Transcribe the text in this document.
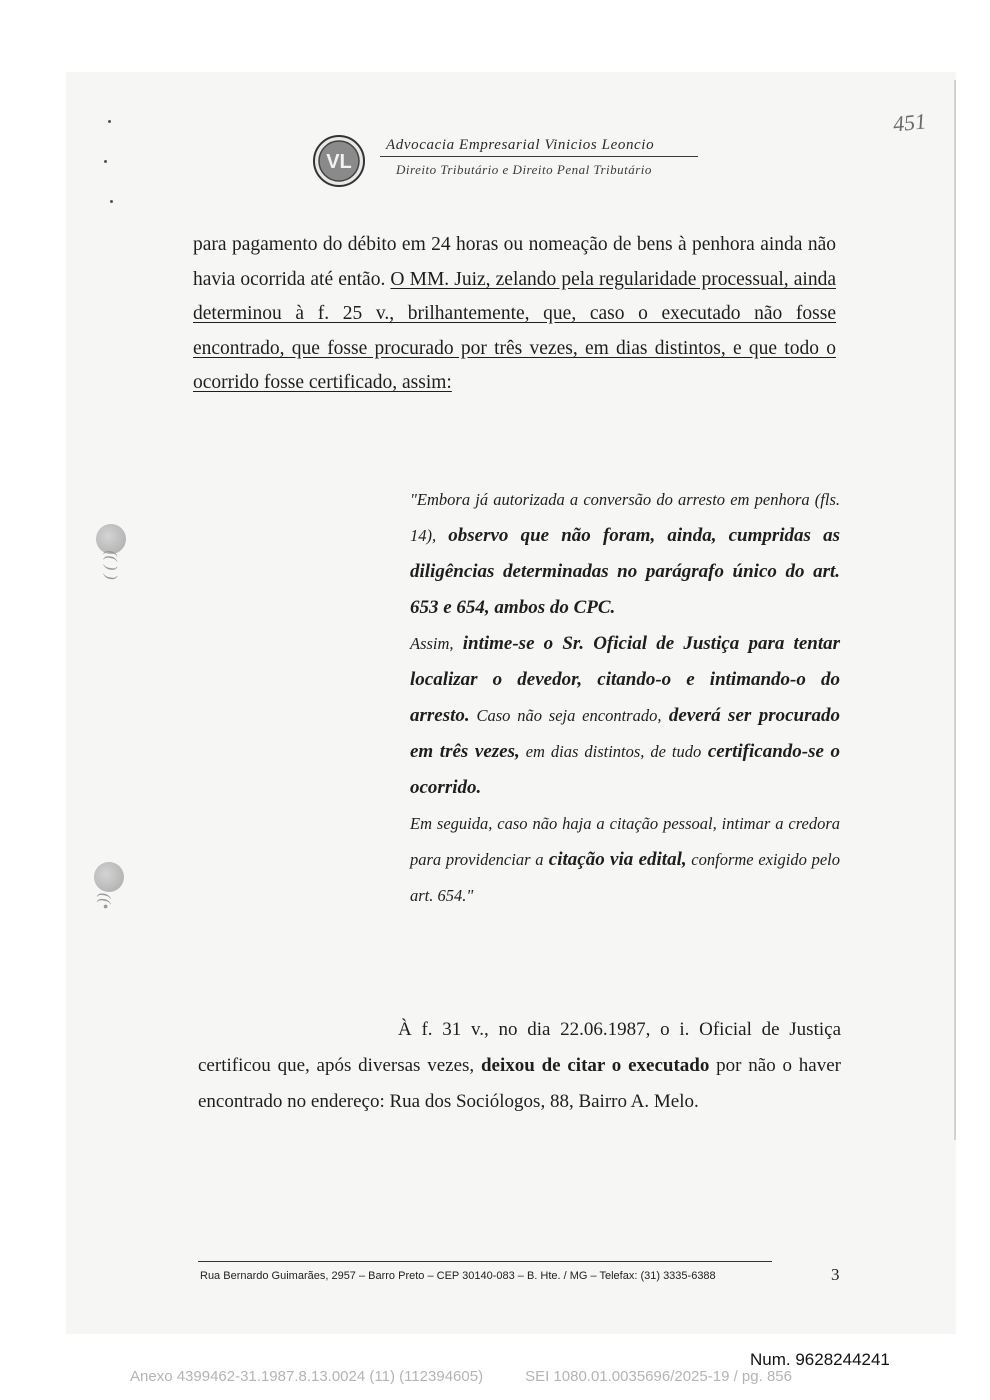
(( ) )
((•
VL
Advocacia Empresarial Vinicios Leoncio
Direito Tributário e Direito Penal Tributário
451

para pagamento do débito em 24 horas ou nomeação de bens à penhora ainda não havia ocorrida até então. O MM. Juiz, zelando pela regularidade processual, ainda determinou à f. 25 v., brilhantemente, que, caso o executado não fosse encontrado, que fosse procurado por três vezes, em dias distintos, e que todo o ocorrido fosse certificado, assim:

"Embora já autorizada a conversão do arresto em penhora (fls. 14), observo que não foram, ainda, cumpridas as diligências determinadas no parágrafo único do art. 653 e 654, ambos do CPC.

Assim, intime-se o Sr. Oficial de Justiça para tentar localizar o devedor, citando-o e intimando-o do arresto. Caso não seja encontrado, deverá ser procurado em três vezes, em dias distintos, de tudo certificando-se o ocorrido.

Em seguida, caso não haja a citação pessoal, intimar a credora para providenciar a citação via edital, conforme exigido pelo art. 654."

À f. 31 v., no dia 22.06.1987, o i. Oficial de Justiça certificou que, após diversas vezes, deixou de citar o executado por não o haver encontrado no endereço: Rua dos Sociólogos, 88, Bairro A. Melo.

Rua Bernardo Guimarães, 2957 – Barro Preto – CEP 30140-083 – B. Hte. / MG – Telefax: (31) 3335-6388	3
Num. 9628244241
Anexo 4399462-31.1987.8.13.0024 (11) (112394605)	SEI 1080.01.0035696/2025-19 / pg. 856
